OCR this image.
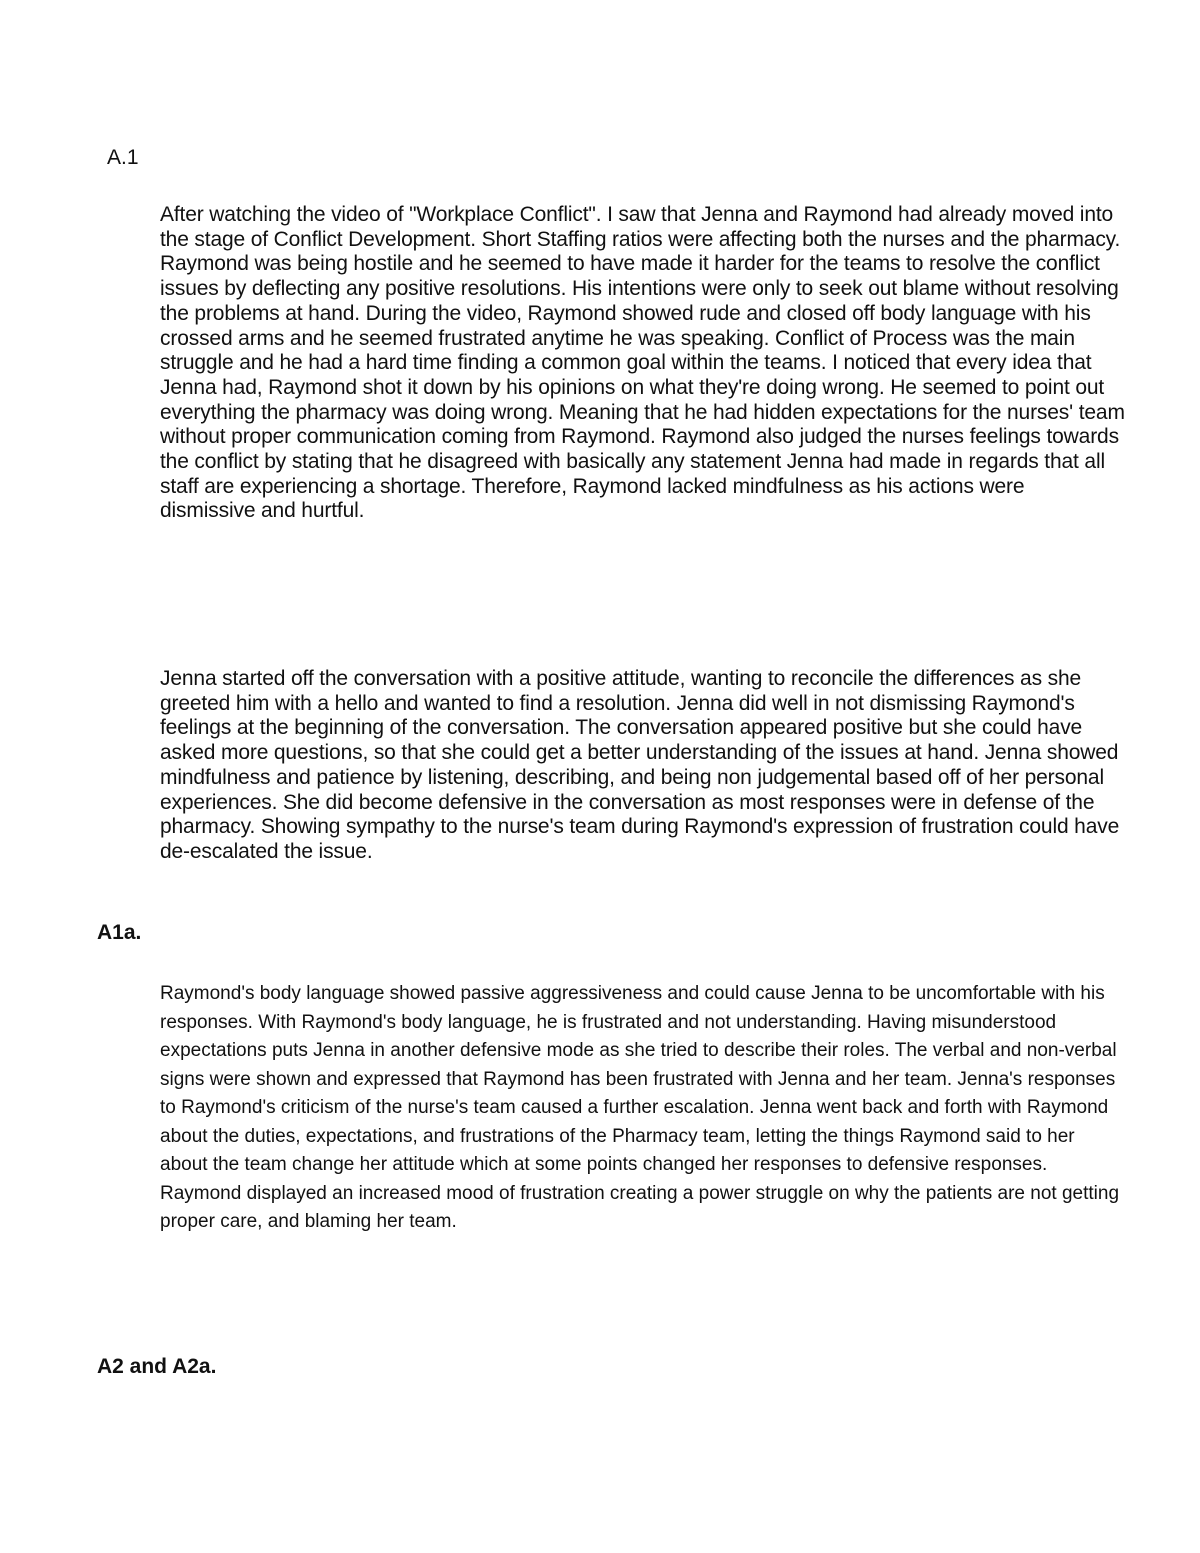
A.1

After watching the video of "Workplace Conflict". I saw that Jenna and Raymond had already moved into the stage of Conflict Development. Short Staffing ratios were affecting both the nurses and the pharmacy. Raymond was being hostile and he seemed to have made it harder for the teams to resolve the conflict issues by deflecting any positive resolutions. His intentions were only to seek out blame without resolving the problems at hand. During the video, Raymond showed rude and closed off body language with his crossed arms and he seemed frustrated anytime he was speaking. Conflict of Process was the main struggle and he had a hard time finding a common goal within the teams. I noticed that every idea that Jenna had, Raymond shot it down by his opinions on what they're doing wrong. He seemed to point out everything the pharmacy was doing wrong. Meaning that he had hidden expectations for the nurses' team without proper communication coming from Raymond. Raymond also judged the nurses feelings towards the conflict by stating that he disagreed with basically any statement Jenna had made in regards that all staff are experiencing a shortage. Therefore, Raymond lacked mindfulness as his actions were dismissive and hurtful.

Jenna started off the conversation with a positive attitude, wanting to reconcile the differences as she greeted him with a hello and wanted to find a resolution. Jenna did well in not dismissing Raymond's feelings at the beginning of the conversation. The conversation appeared positive but she could have asked more questions, so that she could get a better understanding of the issues at hand. Jenna showed mindfulness and patience by listening, describing, and being non judgemental based off of her personal experiences. She did become defensive in the conversation as most responses were in defense of the pharmacy. Showing sympathy to the nurse's team during Raymond's expression of frustration could have de-escalated the issue.

A1a.

Raymond's body language showed passive aggressiveness and could cause Jenna to be uncomfortable with his responses. With Raymond's body language, he is frustrated and not understanding. Having misunderstood expectations puts Jenna in another defensive mode as she tried to describe their roles. The verbal and non-verbal signs were shown and expressed that Raymond has been frustrated with Jenna and her team. Jenna's responses to Raymond's criticism of the nurse's team caused a further escalation. Jenna went back and forth with Raymond about the duties, expectations, and frustrations of the Pharmacy team, letting the things Raymond said to her about the team change her attitude which at some points changed her responses to defensive responses. Raymond displayed an increased mood of frustration creating a power struggle on why the patients are not getting proper care, and blaming her team.

A2 and A2a.
